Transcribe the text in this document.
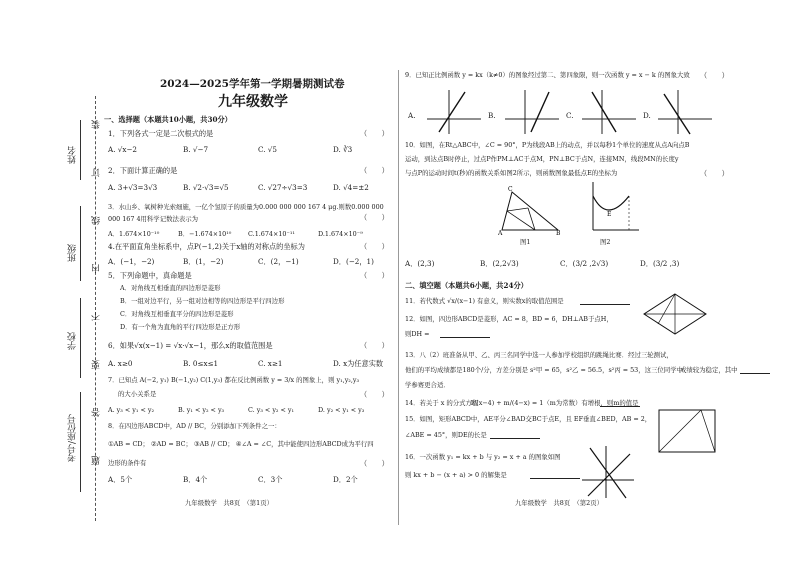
姓名
班级
学校
考号/座位号
装
订
线
内
不
要
答
题
2024—2025学年第一学期暑期测试卷
九年级数学
一、选择题（本题共10小题，共30分）
1．下列各式一定是二次根式的是	（　　）
A. √x−2	B. √−7	C. √5	D. ∛3
2．下面计算正确的是	（　　）
A. 3+√3=3√3	B. √2·√3=√5	C. √27÷√3=3	D. √4=±2
3．水山乡、氧树种光索细施，一亿个氢原子的质量为0.000 000 000 167 4 μg.则数0.000 000
000 167 4用科学记数法表示为	（　　）
A．1.674×10⁻¹⁰	B．−1.674×10¹⁰	C.1.674×10⁻¹¹	D.1.674×10⁻⁹
4.在平面直角坐标系中，点P(−1,2)关于x轴的对称点的坐标为	（　　）
A．(−1，−2)	B．(1，−2)	C．(2，−1)	D．(−2，1)
5．下列命题中，真命题是	（　　）
A．对角线互相垂直的四边形是菱形
B．一组对边平行，另一组对边相等的四边形是平行四边形
C．对角线互相垂直平分的四边形是菱形
D．有一个角为直角的平行四边形是正方形
6．如果√x(x−1) = √x·√x−1，那么x的取值范围是	（　　）
A. x≥0	B. 0≤x≤1	C. x≥1	D. x为任意实数
7．已知点 A(−2, y₁) B(−1,y₂) C(1,y₃) 都在反比例函数 y = 3/x 的图象上，则 y₁,y₂,y₃
的大小关系是	（　　）
A. y₃ < y₁ < y₂	B. y₁ < y₂ < y₃	C. y₃ < y₂ < y₁	D. y₂ < y₁ < y₃
8．在四边形ABCD中，AD // BC，分别添加下列条件之一：
①AB = CD； ②AD = BC； ③AB // CD； ④∠A = ∠C，其中能使四边形ABCD成为平行四
边形的条件有	（　　）
A．5个	B．4个	C．3个	D．2个
九年级数学　共8页　（第1页）
9．已知正比例函数 y = kx（k≠0）的图象经过第二、第四象限，则一次函数 y = x − k 的图象大致 （　　）
A.	B.	C.	D.
10．如图，在Rt△ABC中，∠C = 90°，P为线段AB上的动点，并以每秒1个单位的速度从点A向点B
运动，到达点B时停止，过点P作PM⊥AC于点M，PN⊥BC于点N，连接MN，线段MN的长度y
与点P的运动时间t(秒)的函数关系如图2所示，则函数图象最低点E的坐标为	（　　）
C
A	B
图1
E
图2
A．(2,3)	B．(2,2√3)	C．(3/2 ,2√3)	D．(3/2 ,3)
二、填空题（本题共6小题，共24分）
11．若代数式 √x/(x−1) 有意义，则实数x的取值范围是
12．如图，四边形ABCD是菱形，AC = 8，BD = 6，DH⊥AB于点H，
则DH =
13．八（2）班准备从甲、乙、丙三名同学中选一人参加学校组织的跳绳比赛．经过三轮测试，
他们的平均成绩都是180个/分，方差分别是 s²甲 = 65，s²乙 = 56.5，s²丙 = 53，这三位同学中
成绩较为稳定，其中
学参赛更合适．
14．若关于 x 的分式方程
1/(x−4) + m/(4−x) = 1（m为常数）有增根，则m的值是
15．如图，矩形ABCD中，AE平分∠BAD交BC于点E，且 EF垂直∠BED，AB = 2，
∠ABE = 45°，则DE的长是
16．一次函数 y₁ = kx + b 与 y₂ = x + a 的图象如图
则 kx + b − (x + a) > 0 的解集是
九年级数学　共8页　（第2页）
